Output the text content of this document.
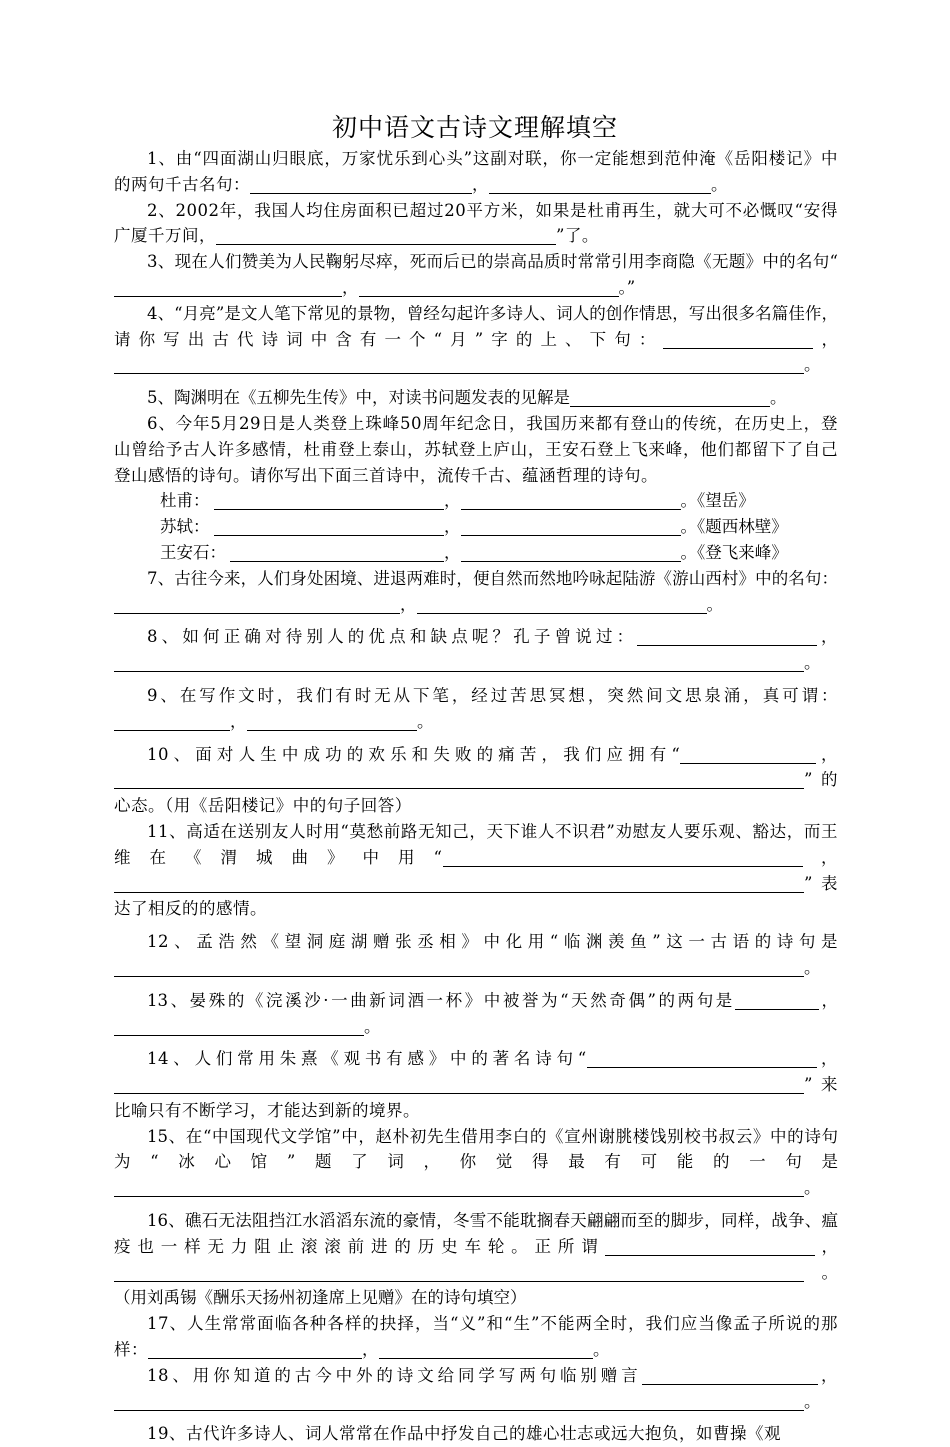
初中语文古诗文理解填空

1、由“四面湖山归眼底，万家忧乐到心头”这副对联，你一定能想到范仲淹《岳阳楼记》中的两句千古名句：	，	。

2、2002年，我国人均住房面积已超过20平方米，如果是杜甫再生，就大可不必慨叹“安得广厦千万间，	”了。

3、现在人们赞美为人民鞠躬尽瘁，死而后已的崇高品质时常常引用李商隐《无题》中的名句“，	。”

4、“月亮”是文人笔下常见的景物，曾经勾起许多诗人、词人的创作情思，写出很多名篇佳作，请你写出古代诗词中含有一个“月”字的上、下句：	，。

5、陶渊明在《五柳先生传》中，对读书问题发表的见解是	。

6、今年5月29日是人类登上珠峰50周年纪念日，我国历来都有登山的传统，在历史上，登山曾给予古人许多感情，杜甫登上泰山，苏轼登上庐山，王安石登上飞来峰，他们都留下了自己登山感悟的诗句。请你写出下面三首诗中，流传千古、蕴涵哲理的诗句。

杜甫：	，	。《望岳》

苏轼：	，	。《题西林壁》

王安石：	，	。《登飞来峰》

7、古往今来，人们身处困境、进退两难时，便自然而然地吟咏起陆游《游山西村》中的名句：，	。

8、如何正确对待别人的优点和缺点呢？孔子曾说过：	，。

9、在写作文时，我们有时无从下笔，经过苦思冥想，突然间文思泉涌，真可谓：，	。

10、面对人生中成功的欢乐和失败的痛苦，我们应拥有“	，”的心态。（用《岳阳楼记》中的句子回答）

11、高适在送别友人时用“莫愁前路无知己，天下谁人不识君”劝慰友人要乐观、豁达，而王维在《渭城曲》中用“	，”表达了相反的的感情。

12、孟浩然《望洞庭湖赠张丞相》中化用“临渊羡鱼”这一古语的诗句是。

13、晏殊的《浣溪沙·一曲新词酒一杯》中被誉为“天然奇偶”的两句是	，。

14、人们常用朱熹《观书有感》中的著名诗句“	，”来比喻只有不断学习，才能达到新的境界。

15、在“中国现代文学馆”中，赵朴初先生借用李白的《宣州谢朓楼饯别校书叔云》中的诗句为“冰心馆”题了词，你觉得最有可能的一句是。

16、礁石无法阻挡江水滔滔东流的豪情，冬雪不能耽搁春天翩翩而至的脚步，同样，战争、瘟疫也一样无力阻止滚滚前进的历史车轮。正所谓	，。（用刘禹锡《酬乐天扬州初逢席上见赠》在的诗句填空）

17、人生常常面临各种各样的抉择，当“义”和“生”不能两全时，我们应当像孟子所说的那样：	，	。

18、用你知道的古今中外的诗文给同学写两句临别赠言	，。

19、古代许多诗人、词人常常在作品中抒发自己的雄心壮志或远大抱负，如曹操《观
